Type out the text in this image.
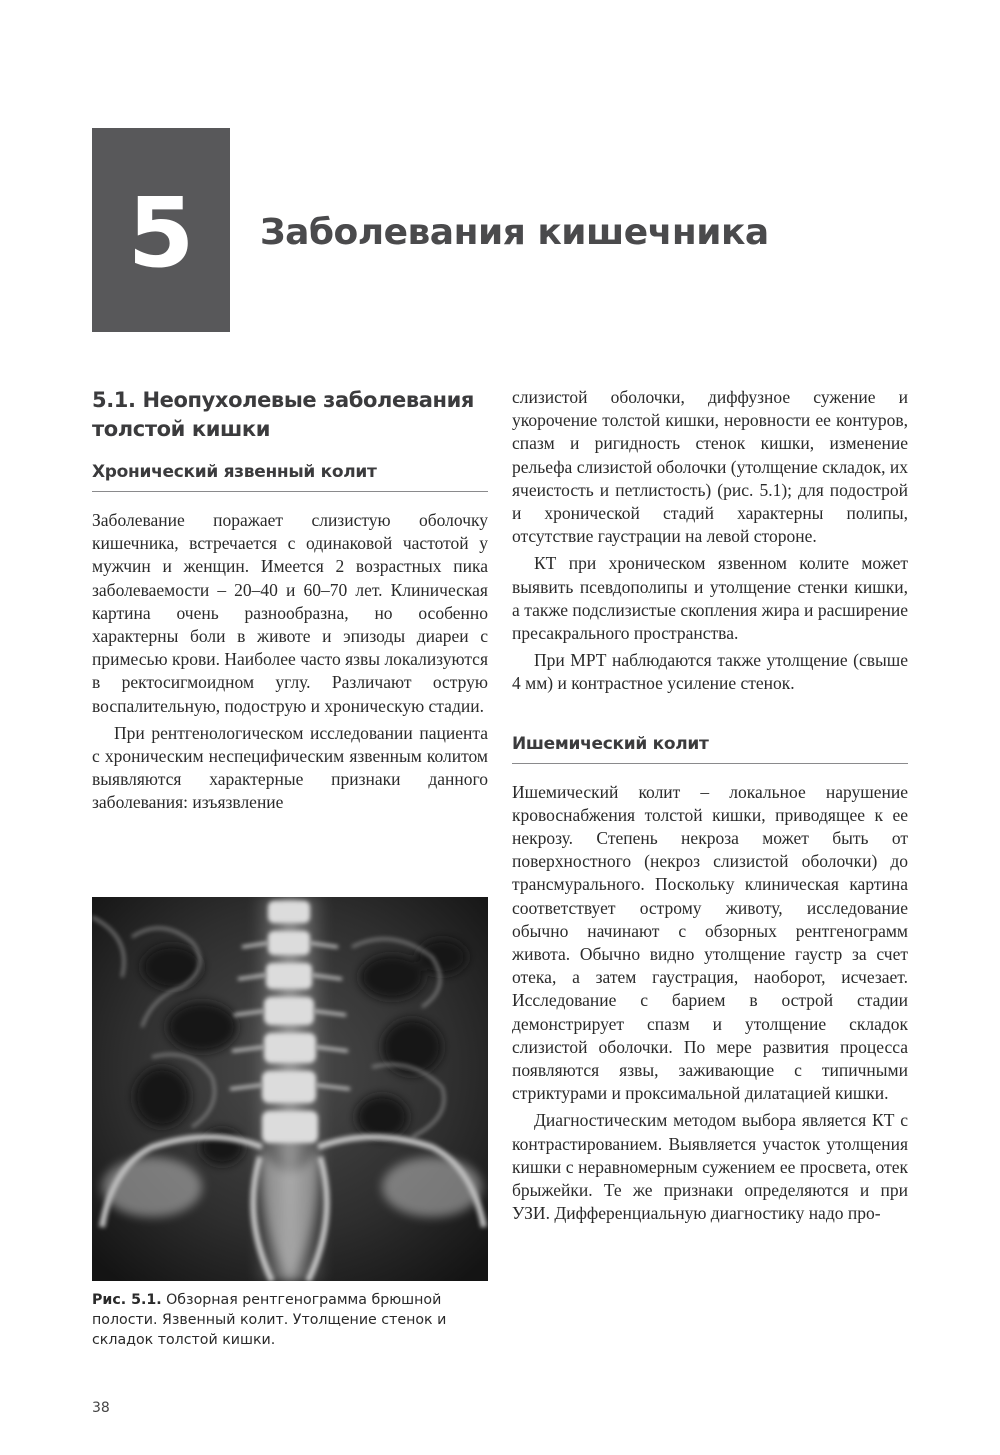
5	Заболевания кишечника
5.1. Неопухолевые заболевания
толстой кишки
Хронический язвенный колит

Заболевание поражает слизистую оболочку кишечника, встречается с одинаковой частотой у мужчин и женщин. Имеется 2 возрастных пика заболеваемости – 20–40 и 60–70 лет. Клиническая картина очень разнообразна, но особенно характерны боли в животе и эпизоды диареи с примесью крови. Наиболее часто язвы локализуются в ректосигмоидном углу. Различают острую воспалительную, подострую и хроническую стадии.

При рентгенологическом исследовании пациента с хроническим неспецифическим язвенным колитом выявляются характерные признаки данного заболевания: изъязвление

Рис. 5.1. Обзорная рентгенограмма брюшной полости. Язвенный колит. Утолщение стенок и складок толстой кишки.
38

слизистой оболочки, диффузное сужение и укорочение толстой кишки, неровности ее контуров, спазм и ригидность стенок кишки, изменение рельефа слизистой оболочки (утолщение складок, их ячеистость и петлистость) (рис. 5.1); для подострой и хронической стадий характерны полипы, отсутствие гаустрации на левой стороне.

КТ при хроническом язвенном колите может выявить псевдополипы и утолщение стенки кишки, а также подслизистые скопления жира и расширение пресакрального пространства.

При МРТ наблюдаются также утолщение (свыше 4 мм) и контрастное усиление стенок.

Ишемический колит

Ишемический колит – локальное нарушение кровоснабжения толстой кишки, приводящее к ее некрозу. Степень некроза может быть от поверхностного (некроз слизистой оболочки) до трансмурального. Поскольку клиническая картина соответствует острому животу, исследование обычно начинают с обзорных рентгенограмм живота. Обычно видно утолщение гаустр за счет отека, а затем гаустрация, наоборот, исчезает. Исследование с барием в острой стадии демонстрирует спазм и утолщение складок слизистой оболочки. По мере развития процесса появляются язвы, заживающие с типичными стриктурами и проксимальной дилатацией кишки.

Диагностическим методом выбора является КТ с контрастированием. Выявляется участок утолщения кишки с неравномерным сужением ее просвета, отек брыжейки. Те же признаки определяются и при УЗИ. Дифференциальную диагностику надо про-
